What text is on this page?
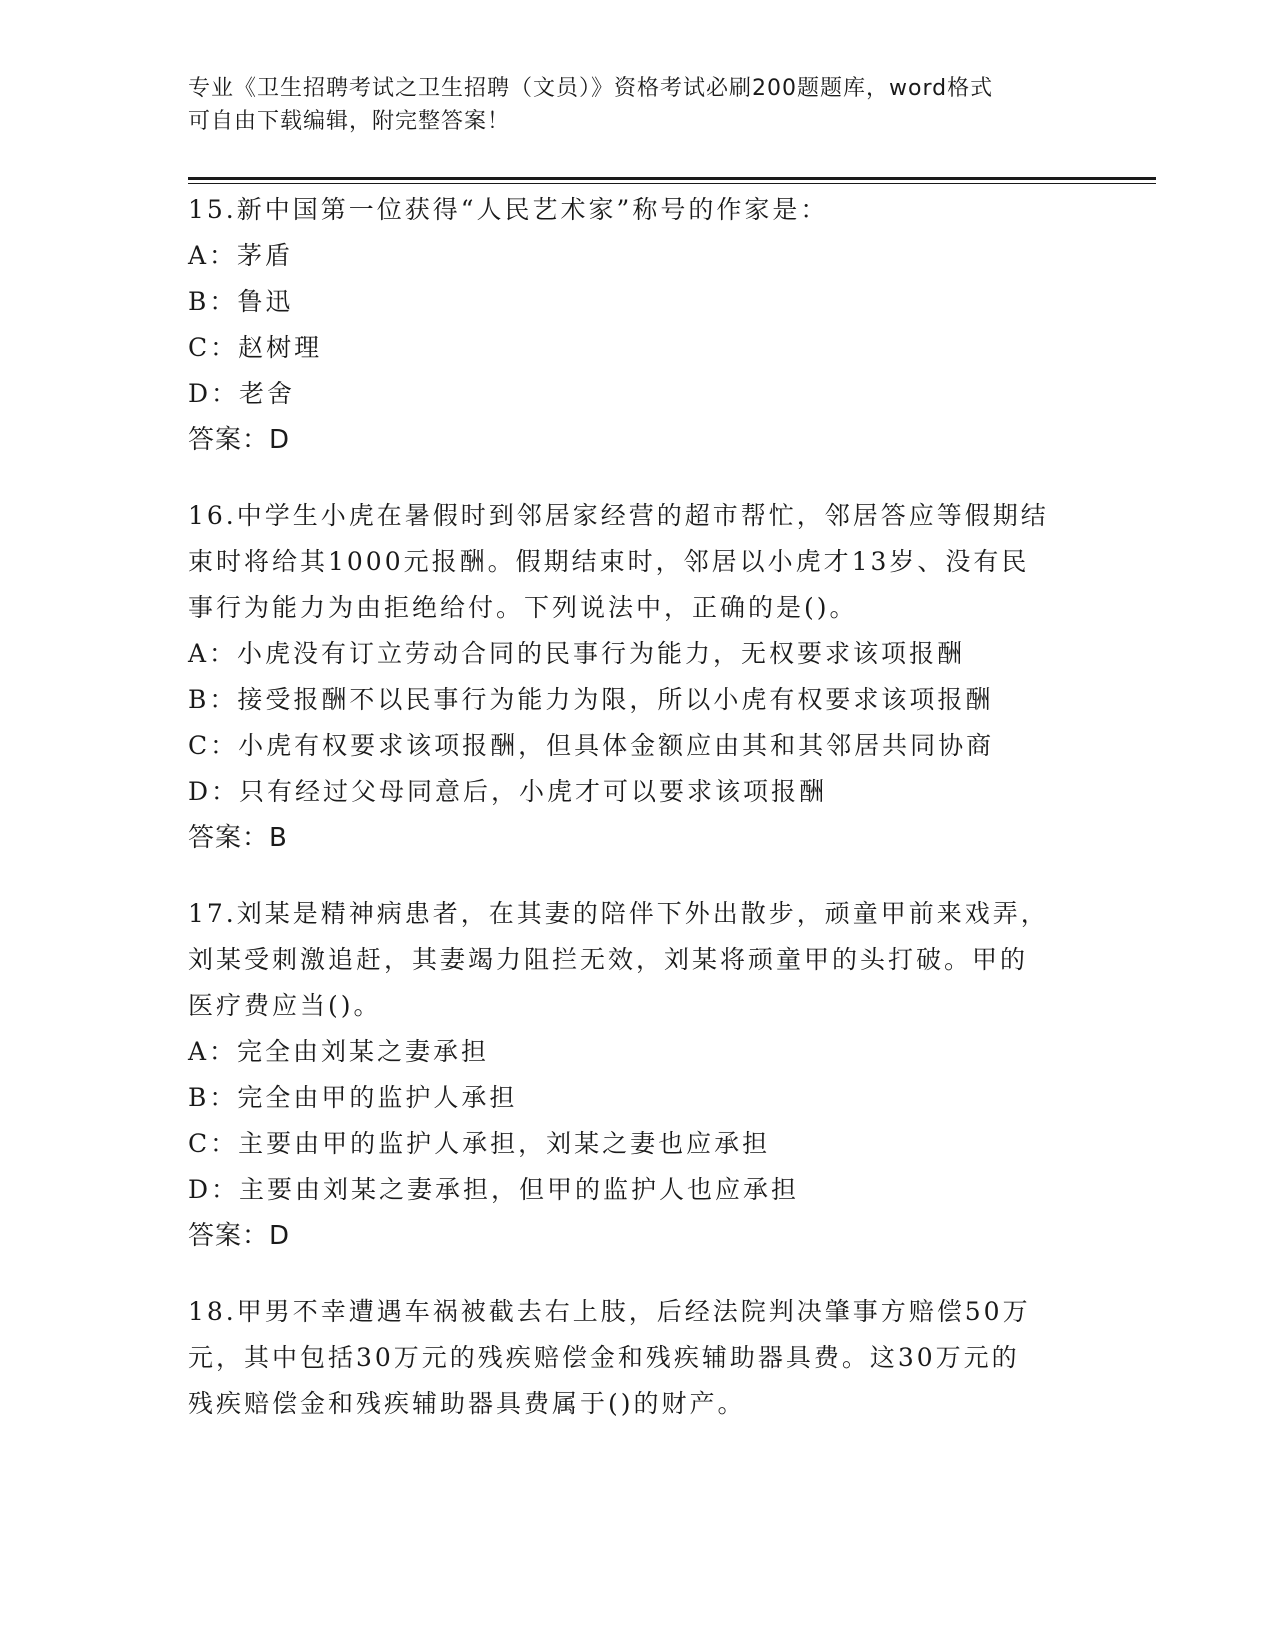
专业《卫生招聘考试之卫生招聘（文员）》资格考试必刷200题题库，word格式

可自由下载编辑，附完整答案！

15.新中国第一位获得“人民艺术家”称号的作家是：
A：茅盾
B：鲁迅
C：赵树理
D：老舍
答案：D
16.中学生小虎在暑假时到邻居家经营的超市帮忙，邻居答应等假期结
束时将给其1000元报酬。假期结束时，邻居以小虎才13岁、没有民
事行为能力为由拒绝给付。下列说法中，正确的是()。
A：小虎没有订立劳动合同的民事行为能力，无权要求该项报酬
B：接受报酬不以民事行为能力为限，所以小虎有权要求该项报酬
C：小虎有权要求该项报酬，但具体金额应由其和其邻居共同协商
D：只有经过父母同意后，小虎才可以要求该项报酬
答案：B
17.刘某是精神病患者，在其妻的陪伴下外出散步，顽童甲前来戏弄，
刘某受刺激追赶，其妻竭力阻拦无效，刘某将顽童甲的头打破。甲的
医疗费应当()。
A：完全由刘某之妻承担
B：完全由甲的监护人承担
C：主要由甲的监护人承担，刘某之妻也应承担
D：主要由刘某之妻承担，但甲的监护人也应承担
答案：D
18.甲男不幸遭遇车祸被截去右上肢，后经法院判决肇事方赔偿50万
元，其中包括30万元的残疾赔偿金和残疾辅助器具费。这30万元的
残疾赔偿金和残疾辅助器具费属于()的财产。
